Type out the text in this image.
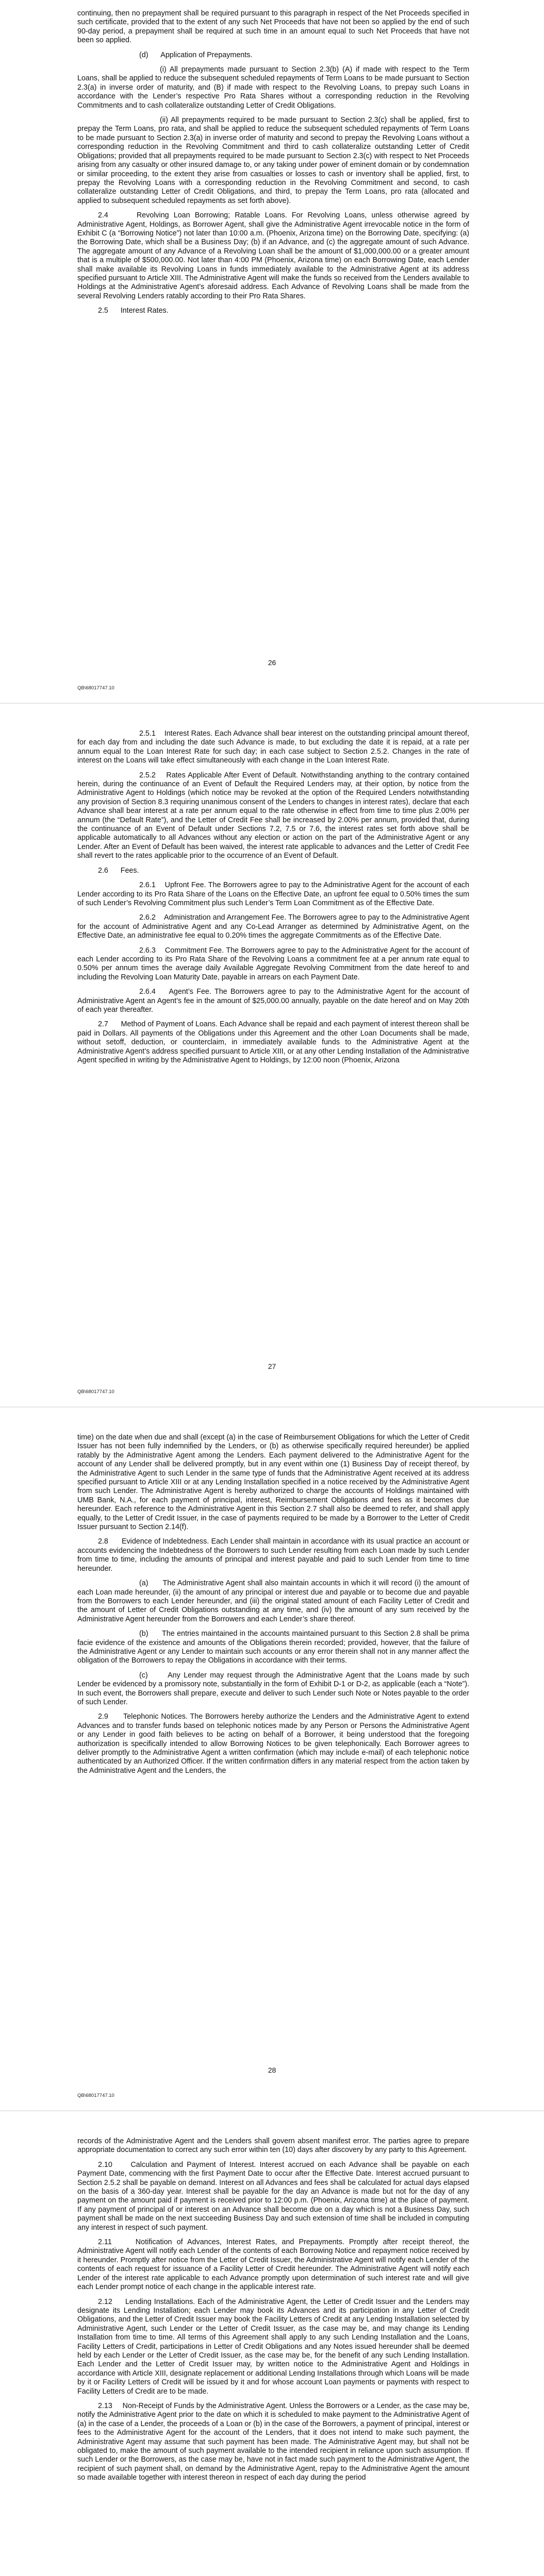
continuing, then no prepayment shall be required pursuant to this paragraph in respect of the Net Proceeds specified in such certificate, provided that to the extent of any such Net Proceeds that have not been so applied by the end of such 90-day period, a prepayment shall be required at such time in an amount equal to such Net Proceeds that have not been so applied.

(d)      Application of Prepayments.

(i) All prepayments made pursuant to Section 2.3(b) (A) if made with respect to the Term Loans, shall be applied to reduce the subsequent scheduled repayments of Term Loans to be made pursuant to Section 2.3(a) in inverse order of maturity, and (B) if made with respect to the Revolving Loans, to prepay such Loans in accordance with the Lender’s respective Pro Rata Shares without a corresponding reduction in the Revolving Commitments and to cash collateralize outstanding Letter of Credit Obligations.

(ii) All prepayments required to be made pursuant to Section 2.3(c) shall be applied, first to prepay the Term Loans, pro rata, and shall be applied to reduce the subsequent scheduled repayments of Term Loans to be made pursuant to Section 2.3(a) in inverse order of maturity and second to prepay the Revolving Loans without a corresponding reduction in the Revolving Commitment and third to cash collateralize outstanding Letter of Credit Obligations; provided that all prepayments required to be made pursuant to Section 2.3(c) with respect to Net Proceeds arising from any casualty or other insured damage to, or any taking under power of eminent domain or by condemnation or similar proceeding, to the extent they arise from casualties or losses to cash or inventory shall be applied, first, to prepay the Revolving Loans with a corresponding reduction in the Revolving Commitment and second, to cash collateralize outstanding Letter of Credit Obligations, and third, to prepay the Term Loans, pro rata (allocated and applied to subsequent scheduled repayments as set forth above).

2.4      Revolving Loan Borrowing; Ratable Loans. For Revolving Loans, unless otherwise agreed by Administrative Agent, Holdings, as Borrower Agent, shall give the Administrative Agent irrevocable notice in the form of Exhibit C (a “Borrowing Notice”) not later than 10:00 a.m. (Phoenix, Arizona time) on the Borrowing Date, specifying: (a) the Borrowing Date, which shall be a Business Day; (b) if an Advance, and (c) the aggregate amount of such Advance. The aggregate amount of any Advance of a Revolving Loan shall be the amount of $1,000,000.00 or a greater amount that is a multiple of $500,000.00. Not later than 4:00 PM (Phoenix, Arizona time) on each Borrowing Date, each Lender shall make available its Revolving Loans in funds immediately available to the Administrative Agent at its address specified pursuant to Article XIII. The Administrative Agent will make the funds so received from the Lenders available to Holdings at the Administrative Agent’s aforesaid address. Each Advance of Revolving Loans shall be made from the several Revolving Lenders ratably according to their Pro Rata Shares.

2.5      Interest Rates.

26
QB\68017747.10

2.5.1    Interest Rates. Each Advance shall bear interest on the outstanding principal amount thereof, for each day from and including the date such Advance is made, to but excluding the date it is repaid, at a rate per annum equal to the Loan Interest Rate for such day; in each case subject to Section 2.5.2. Changes in the rate of interest on the Loans will take effect simultaneously with each change in the Loan Interest Rate.

2.5.2    Rates Applicable After Event of Default. Notwithstanding anything to the contrary contained herein, during the continuance of an Event of Default the Required Lenders may, at their option, by notice from the Administrative Agent to Holdings (which notice may be revoked at the option of the Required Lenders notwithstanding any provision of Section 8.3 requiring unanimous consent of the Lenders to changes in interest rates), declare that each Advance shall bear interest at a rate per annum equal to the rate otherwise in effect from time to time plus 2.00% per annum (the “Default Rate”), and the Letter of Credit Fee shall be increased by 2.00% per annum, provided that, during the continuance of an Event of Default under Sections 7.2, 7.5 or 7.6, the interest rates set forth above shall be applicable automatically to all Advances without any election or action on the part of the Administrative Agent or any Lender. After an Event of Default has been waived, the interest rate applicable to advances and the Letter of Credit Fee shall revert to the rates applicable prior to the occurrence of an Event of Default.

2.6      Fees.

2.6.1    Upfront Fee. The Borrowers agree to pay to the Administrative Agent for the account of each Lender according to its Pro Rata Share of the Loans on the Effective Date, an upfront fee equal to 0.50% times the sum of such Lender’s Revolving Commitment plus such Lender’s Term Loan Commitment as of the Effective Date.

2.6.2    Administration and Arrangement Fee. The Borrowers agree to pay to the Administrative Agent for the account of Administrative Agent and any Co-Lead Arranger as determined by Administrative Agent, on the Effective Date, an administrative fee equal to 0.20% times the aggregate Commitments as of the Effective Date.

2.6.3    Commitment Fee. The Borrowers agree to pay to the Administrative Agent for the account of each Lender according to its Pro Rata Share of the Revolving Loans a commitment fee at a per annum rate equal to 0.50% per annum times the average daily Available Aggregate Revolving Commitment from the date hereof to and including the Revolving Loan Maturity Date, payable in arrears on each Payment Date.

2.6.4    Agent’s Fee. The Borrowers agree to pay to the Administrative Agent for the account of Administrative Agent an Agent’s fee in the amount of $25,000.00 annually, payable on the date hereof and on May 20th of each year thereafter.

2.7      Method of Payment of Loans. Each Advance shall be repaid and each payment of interest thereon shall be paid in Dollars. All payments of the Obligations under this Agreement and the other Loan Documents shall be made, without setoff, deduction, or counterclaim, in immediately available funds to the Administrative Agent at the Administrative Agent’s address specified pursuant to Article XIII, or at any other Lending Installation of the Administrative Agent specified in writing by the Administrative Agent to Holdings, by 12:00 noon (Phoenix, Arizona

27
QB\68017747.10

time) on the date when due and shall (except (a) in the case of Reimbursement Obligations for which the Letter of Credit Issuer has not been fully indemnified by the Lenders, or (b) as otherwise specifically required hereunder) be applied ratably by the Administrative Agent among the Lenders. Each payment delivered to the Administrative Agent for the account of any Lender shall be delivered promptly, but in any event within one (1) Business Day of receipt thereof, by the Administrative Agent to such Lender in the same type of funds that the Administrative Agent received at its address specified pursuant to Article XIII or at any Lending Installation specified in a notice received by the Administrative Agent from such Lender. The Administrative Agent is hereby authorized to charge the accounts of Holdings maintained with UMB Bank, N.A., for each payment of principal, interest, Reimbursement Obligations and fees as it becomes due hereunder. Each reference to the Administrative Agent in this Section 2.7 shall also be deemed to refer, and shall apply equally, to the Letter of Credit Issuer, in the case of payments required to be made by a Borrower to the Letter of Credit Issuer pursuant to Section 2.14(f).

2.8      Evidence of Indebtedness. Each Lender shall maintain in accordance with its usual practice an account or accounts evidencing the Indebtedness of the Borrowers to such Lender resulting from each Loan made by such Lender from time to time, including the amounts of principal and interest payable and paid to such Lender from time to time hereunder.

(a)      The Administrative Agent shall also maintain accounts in which it will record (i) the amount of each Loan made hereunder, (ii) the amount of any principal or interest due and payable or to become due and payable from the Borrowers to each Lender hereunder, and (iii) the original stated amount of each Facility Letter of Credit and the amount of Letter of Credit Obligations outstanding at any time, and (iv) the amount of any sum received by the Administrative Agent hereunder from the Borrowers and each Lender’s share thereof.

(b)      The entries maintained in the accounts maintained pursuant to this Section 2.8 shall be prima facie evidence of the existence and amounts of the Obligations therein recorded; provided, however, that the failure of the Administrative Agent or any Lender to maintain such accounts or any error therein shall not in any manner affect the obligation of the Borrowers to repay the Obligations in accordance with their terms.

(c)      Any Lender may request through the Administrative Agent that the Loans made by such Lender be evidenced by a promissory note, substantially in the form of Exhibit D-1 or D-2, as applicable (each a “Note”). In such event, the Borrowers shall prepare, execute and deliver to such Lender such Note or Notes payable to the order of such Lender.

2.9      Telephonic Notices. The Borrowers hereby authorize the Lenders and the Administrative Agent to extend Advances and to transfer funds based on telephonic notices made by any Person or Persons the Administrative Agent or any Lender in good faith believes to be acting on behalf of a Borrower, it being understood that the foregoing authorization is specifically intended to allow Borrowing Notices to be given telephonically. Each Borrower agrees to deliver promptly to the Administrative Agent a written confirmation (which may include e-mail) of each telephonic notice authenticated by an Authorized Officer. If the written confirmation differs in any material respect from the action taken by the Administrative Agent and the Lenders, the

28
QB\68017747.10

records of the Administrative Agent and the Lenders shall govern absent manifest error. The parties agree to prepare appropriate documentation to correct any such error within ten (10) days after discovery by any party to this Agreement.

2.10     Calculation and Payment of Interest. Interest accrued on each Advance shall be payable on each Payment Date, commencing with the first Payment Date to occur after the Effective Date. Interest accrued pursuant to Section 2.5.2 shall be payable on demand. Interest on all Advances and fees shall be calculated for actual days elapsed on the basis of a 360-day year. Interest shall be payable for the day an Advance is made but not for the day of any payment on the amount paid if payment is received prior to 12:00 p.m. (Phoenix, Arizona time) at the place of payment. If any payment of principal of or interest on an Advance shall become due on a day which is not a Business Day, such payment shall be made on the next succeeding Business Day and such extension of time shall be included in computing any interest in respect of such payment.

2.11     Notification of Advances, Interest Rates, and Prepayments. Promptly after receipt thereof, the Administrative Agent will notify each Lender of the contents of each Borrowing Notice and repayment notice received by it hereunder. Promptly after notice from the Letter of Credit Issuer, the Administrative Agent will notify each Lender of the contents of each request for issuance of a Facility Letter of Credit hereunder. The Administrative Agent will notify each Lender of the interest rate applicable to each Advance promptly upon determination of such interest rate and will give each Lender prompt notice of each change in the applicable interest rate.

2.12     Lending Installations. Each of the Administrative Agent, the Letter of Credit Issuer and the Lenders may designate its Lending Installation; each Lender may book its Advances and its participation in any Letter of Credit Obligations, and the Letter of Credit Issuer may book the Facility Letters of Credit at any Lending Installation selected by Administrative Agent, such Lender or the Letter of Credit Issuer, as the case may be, and may change its Lending Installation from time to time. All terms of this Agreement shall apply to any such Lending Installation and the Loans, Facility Letters of Credit, participations in Letter of Credit Obligations and any Notes issued hereunder shall be deemed held by each Lender or the Letter of Credit Issuer, as the case may be, for the benefit of any such Lending Installation. Each Lender and the Letter of Credit Issuer may, by written notice to the Administrative Agent and Holdings in accordance with Article XIII, designate replacement or additional Lending Installations through which Loans will be made by it or Facility Letters of Credit will be issued by it and for whose account Loan payments or payments with respect to Facility Letters of Credit are to be made.

2.13     Non-Receipt of Funds by the Administrative Agent. Unless the Borrowers or a Lender, as the case may be, notify the Administrative Agent prior to the date on which it is scheduled to make payment to the Administrative Agent of (a) in the case of a Lender, the proceeds of a Loan or (b) in the case of the Borrowers, a payment of principal, interest or fees to the Administrative Agent for the account of the Lenders, that it does not intend to make such payment, the Administrative Agent may assume that such payment has been made. The Administrative Agent may, but shall not be obligated to, make the amount of such payment available to the intended recipient in reliance upon such assumption. If such Lender or the Borrowers, as the case may be, have not in fact made such payment to the Administrative Agent, the recipient of such payment shall, on demand by the Administrative Agent, repay to the Administrative Agent the amount so made available together with interest thereon in respect of each day during the period
